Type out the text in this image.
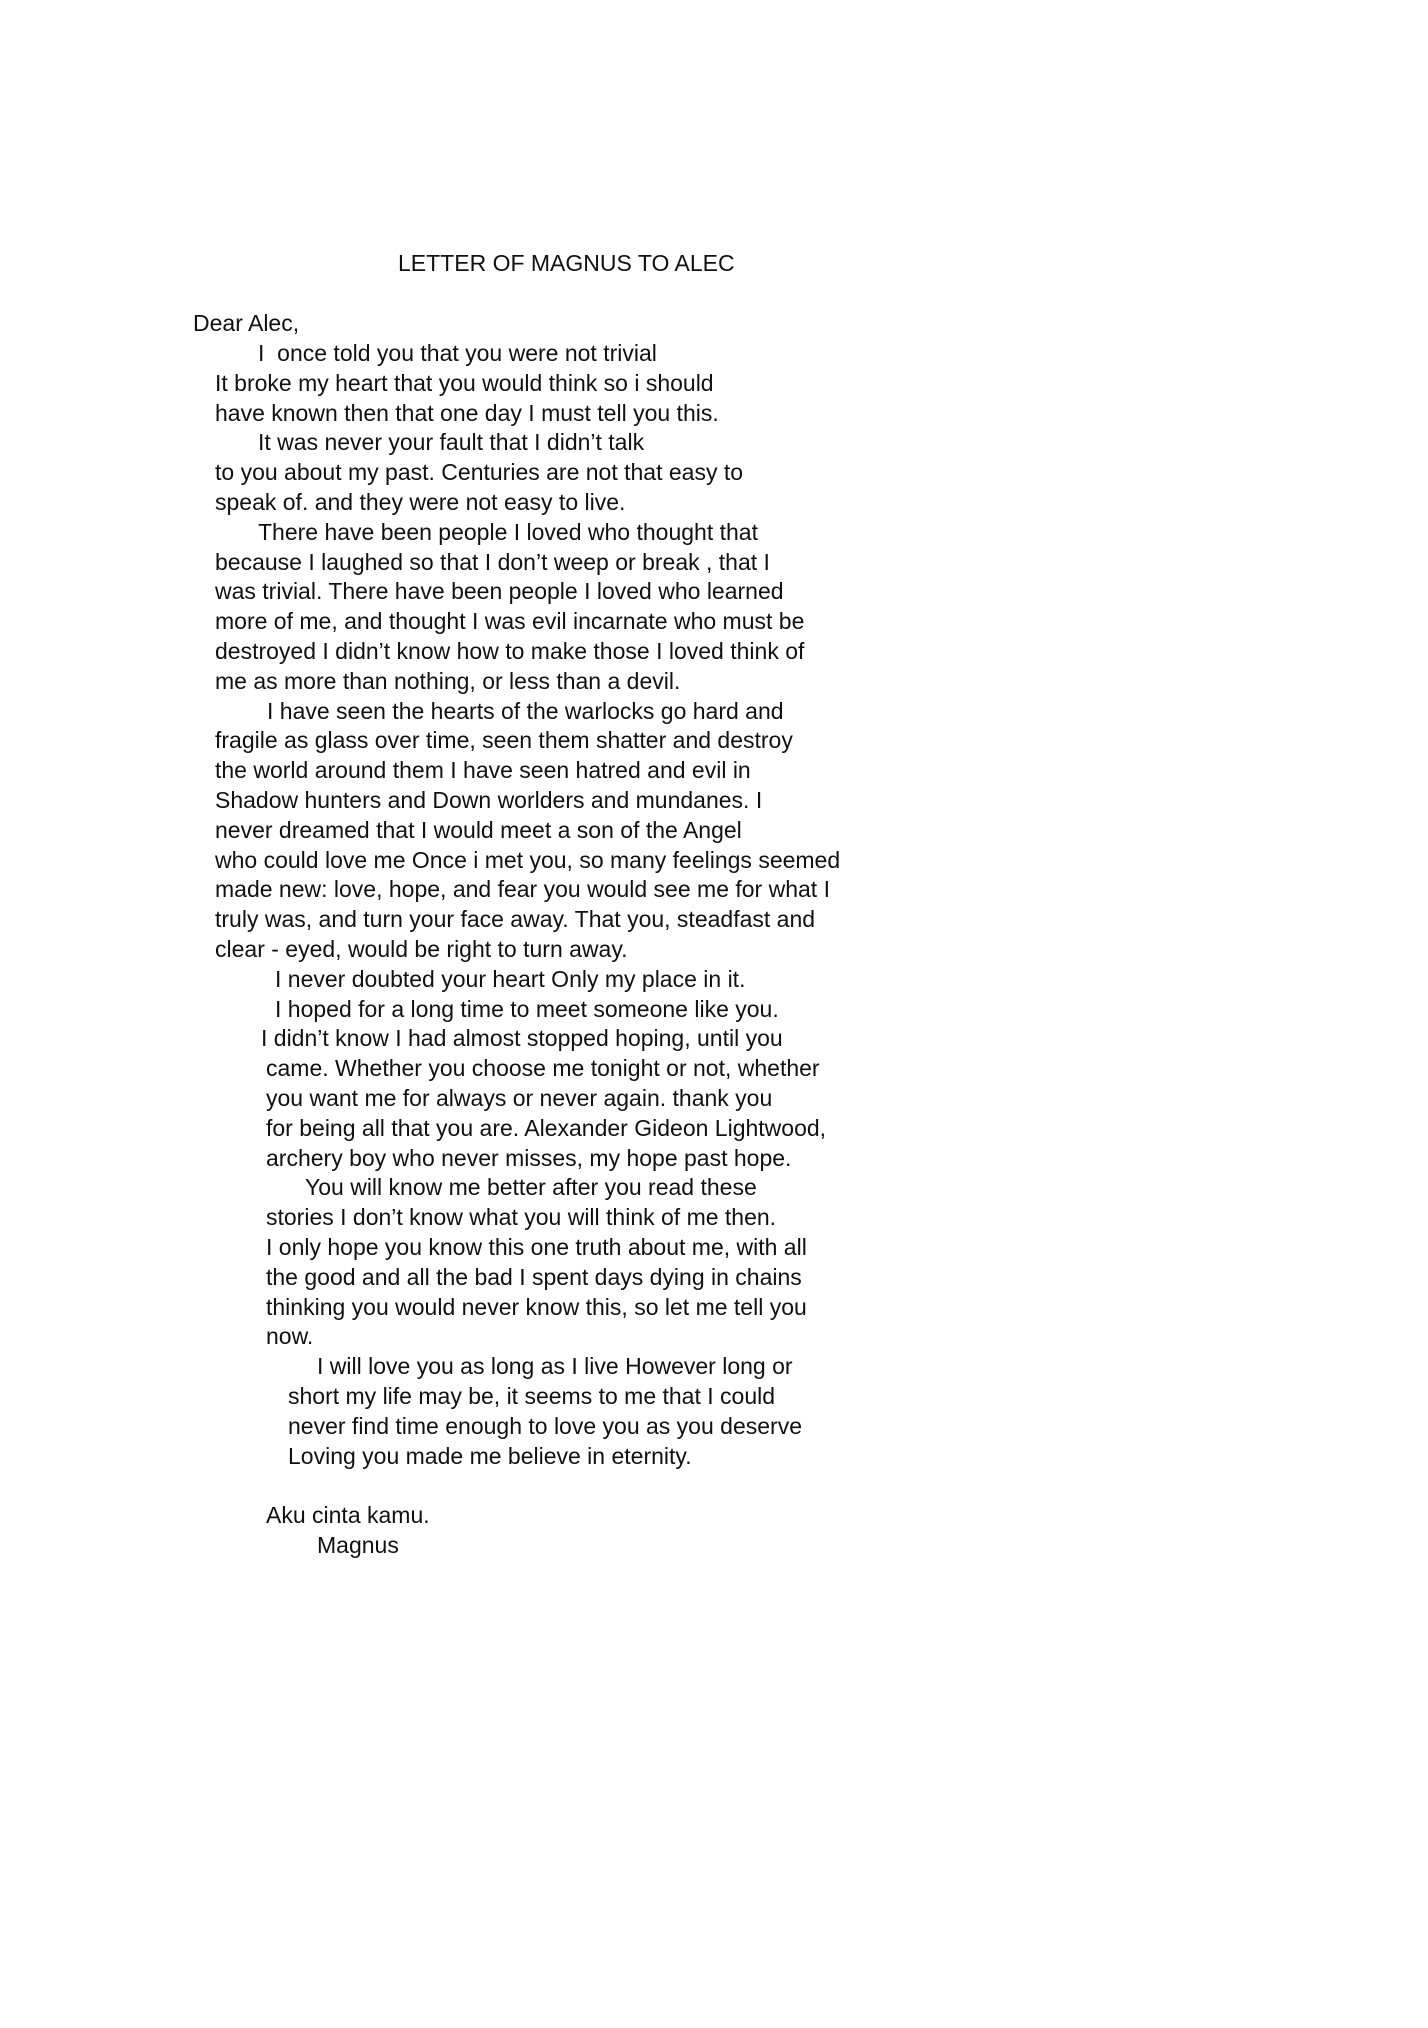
LETTER OF MAGNUS TO ALEC
Dear Alec,
I  once told you that you were not trivial
It broke my heart that you would think so i should
have known then that one day I must tell you this.
It was never your fault that I didn’t talk
to you about my past. Centuries are not that easy to
speak of. and they were not easy to live.
There have been people I loved who thought that
because I laughed so that I don’t weep or break , that I
was trivial. There have been people I loved who learned
more of me, and thought I was evil incarnate who must be
destroyed I didn’t know how to make those I loved think of
me as more than nothing, or less than a devil.
I have seen the hearts of the warlocks go hard and
fragile as glass over time, seen them shatter and destroy
the world around them I have seen hatred and evil in
Shadow hunters and Down worlders and mundanes. I
never dreamed that I would meet a son of the Angel
who could love me Once i met you, so many feelings seemed
made new: love, hope, and fear you would see me for what I
truly was, and turn your face away. That you, steadfast and
clear - eyed, would be right to turn away.
I never doubted your heart Only my place in it.
I hoped for a long time to meet someone like you.
I didn’t know I had almost stopped hoping, until you
came. Whether you choose me tonight or not, whether
you want me for always or never again. thank you
for being all that you are. Alexander Gideon Lightwood,
archery boy who never misses, my hope past hope.
You will know me better after you read these
stories I don’t know what you will think of me then.
I only hope you know this one truth about me, with all
the good and all the bad I spent days dying in chains
thinking you would never know this, so let me tell you
now.
I will love you as long as I live However long or
short my life may be, it seems to me that I could
never find time enough to love you as you deserve
Loving you made me believe in eternity.
Aku cinta kamu.
Magnus
